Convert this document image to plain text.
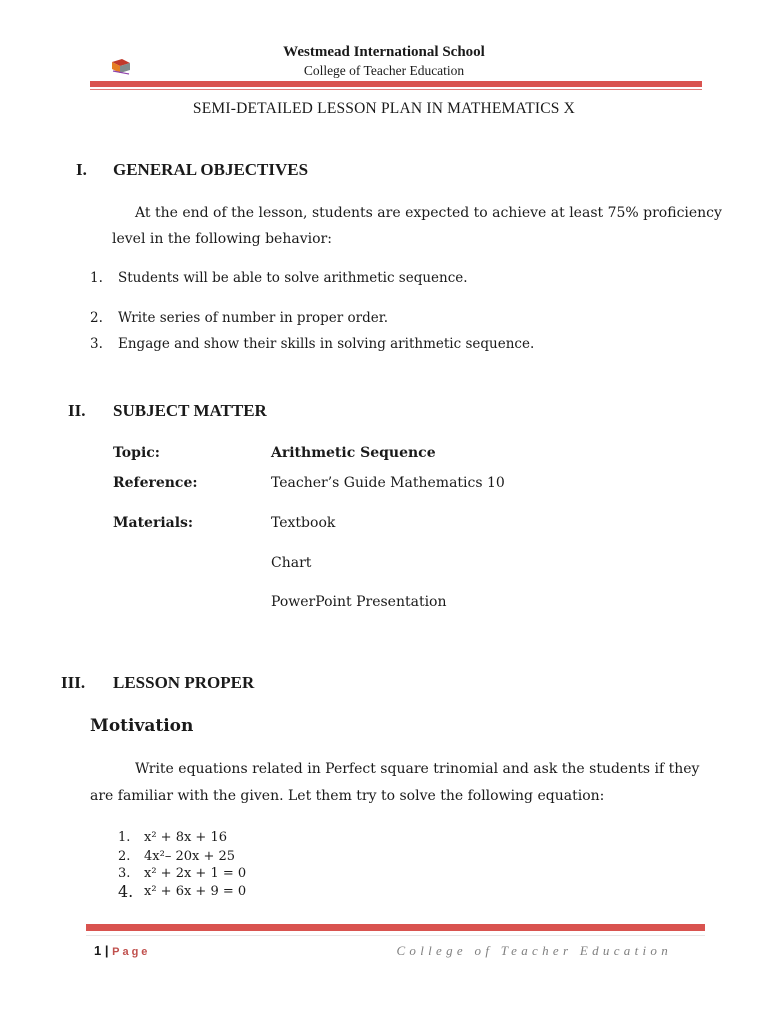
Westmead International School
College of Teacher Education
SEMI-DETAILED LESSON PLAN IN MATHEMATICS X
I. GENERAL OBJECTIVES
At the end of the lesson, students are expected to achieve at least 75% proficiency
level in the following behavior:
1. Students will be able to solve arithmetic sequence.
2. Write series of number in proper order.
3. Engage and show their skills in solving arithmetic sequence.
II. SUBJECT MATTER
Topic:	Arithmetic Sequence
Reference:	Teacher’s Guide Mathematics 10
Materials:	Textbook
Chart
PowerPoint Presentation
III. LESSON PROPER
Motivation
Write equations related in Perfect square trinomial and ask the students if they
are familiar with the given. Let them try to solve the following equation:
1. x² + 8x + 16
2. 4x²– 20x + 25
3. x² + 2x + 1 = 0
4. x² + 6x + 9 = 0
1 | Page	College of Teacher Education
